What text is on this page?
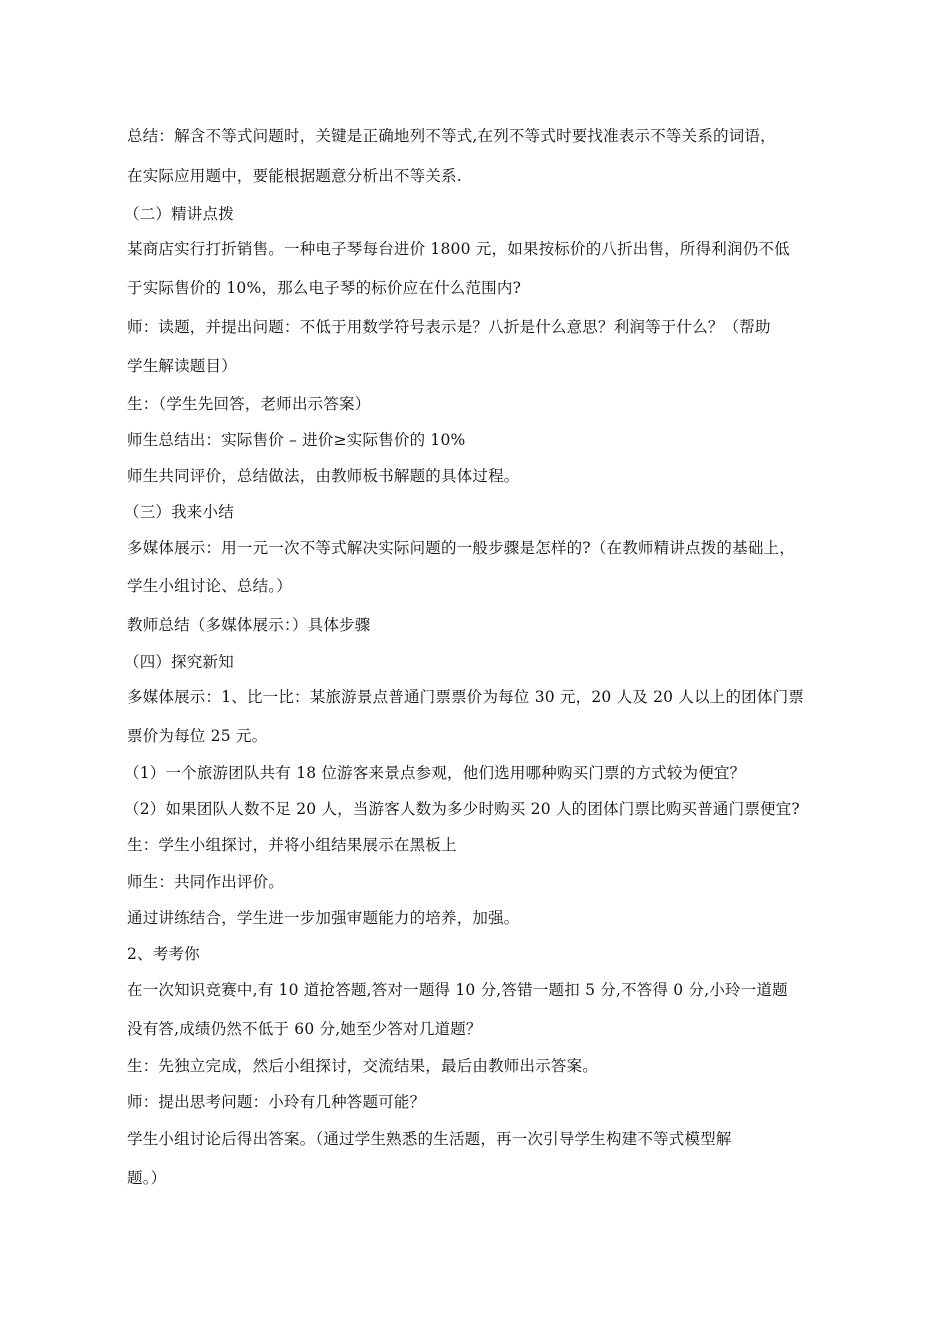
总结：解含不等式问题时，关键是正确地列不等式,在列不等式时要找准表示不等关系的词语，
在实际应用题中，要能根据题意分析出不等关系.
（二）精讲点拨
某商店实行打折销售。一种电子琴每台进价 1800 元，如果按标价的八折出售，所得利润仍不低
于实际售价的 10%，那么电子琴的标价应在什么范围内?
师：读题，并提出问题：不低于用数学符号表示是？八折是什么意思？利润等于什么？（帮助
学生解读题目）
生：（学生先回答，老师出示答案）
师生总结出：实际售价 – 进价≥实际售价的 10%
师生共同评价，总结做法，由教师板书解题的具体过程。
（三）我来小结
多媒体展示：用一元一次不等式解决实际问题的一般步骤是怎样的?（在教师精讲点拨的基础上，
学生小组讨论、总结。）
教师总结（多媒体展示：）具体步骤
（四）探究新知
多媒体展示：1、比一比：某旅游景点普通门票票价为每位 30 元，20 人及 20 人以上的团体门票
票价为每位 25 元。
（1）一个旅游团队共有 18 位游客来景点参观，他们选用哪种购买门票的方式较为便宜？
（2）如果团队人数不足 20 人，当游客人数为多少时购买 20 人的团体门票比购买普通门票便宜?
生：学生小组探讨，并将小组结果展示在黑板上
师生：共同作出评价。
通过讲练结合，学生进一步加强审题能力的培养，加强。
2、考考你
在一次知识竞赛中,有 10 道抢答题,答对一题得 10 分,答错一题扣 5 分,不答得 0 分,小玲一道题
没有答,成绩仍然不低于 60 分,她至少答对几道题？
生：先独立完成，然后小组探讨，交流结果，最后由教师出示答案。
师：提出思考问题：小玲有几种答题可能？
学生小组讨论后得出答案。（通过学生熟悉的生活题，再一次引导学生构建不等式模型解
题。）
